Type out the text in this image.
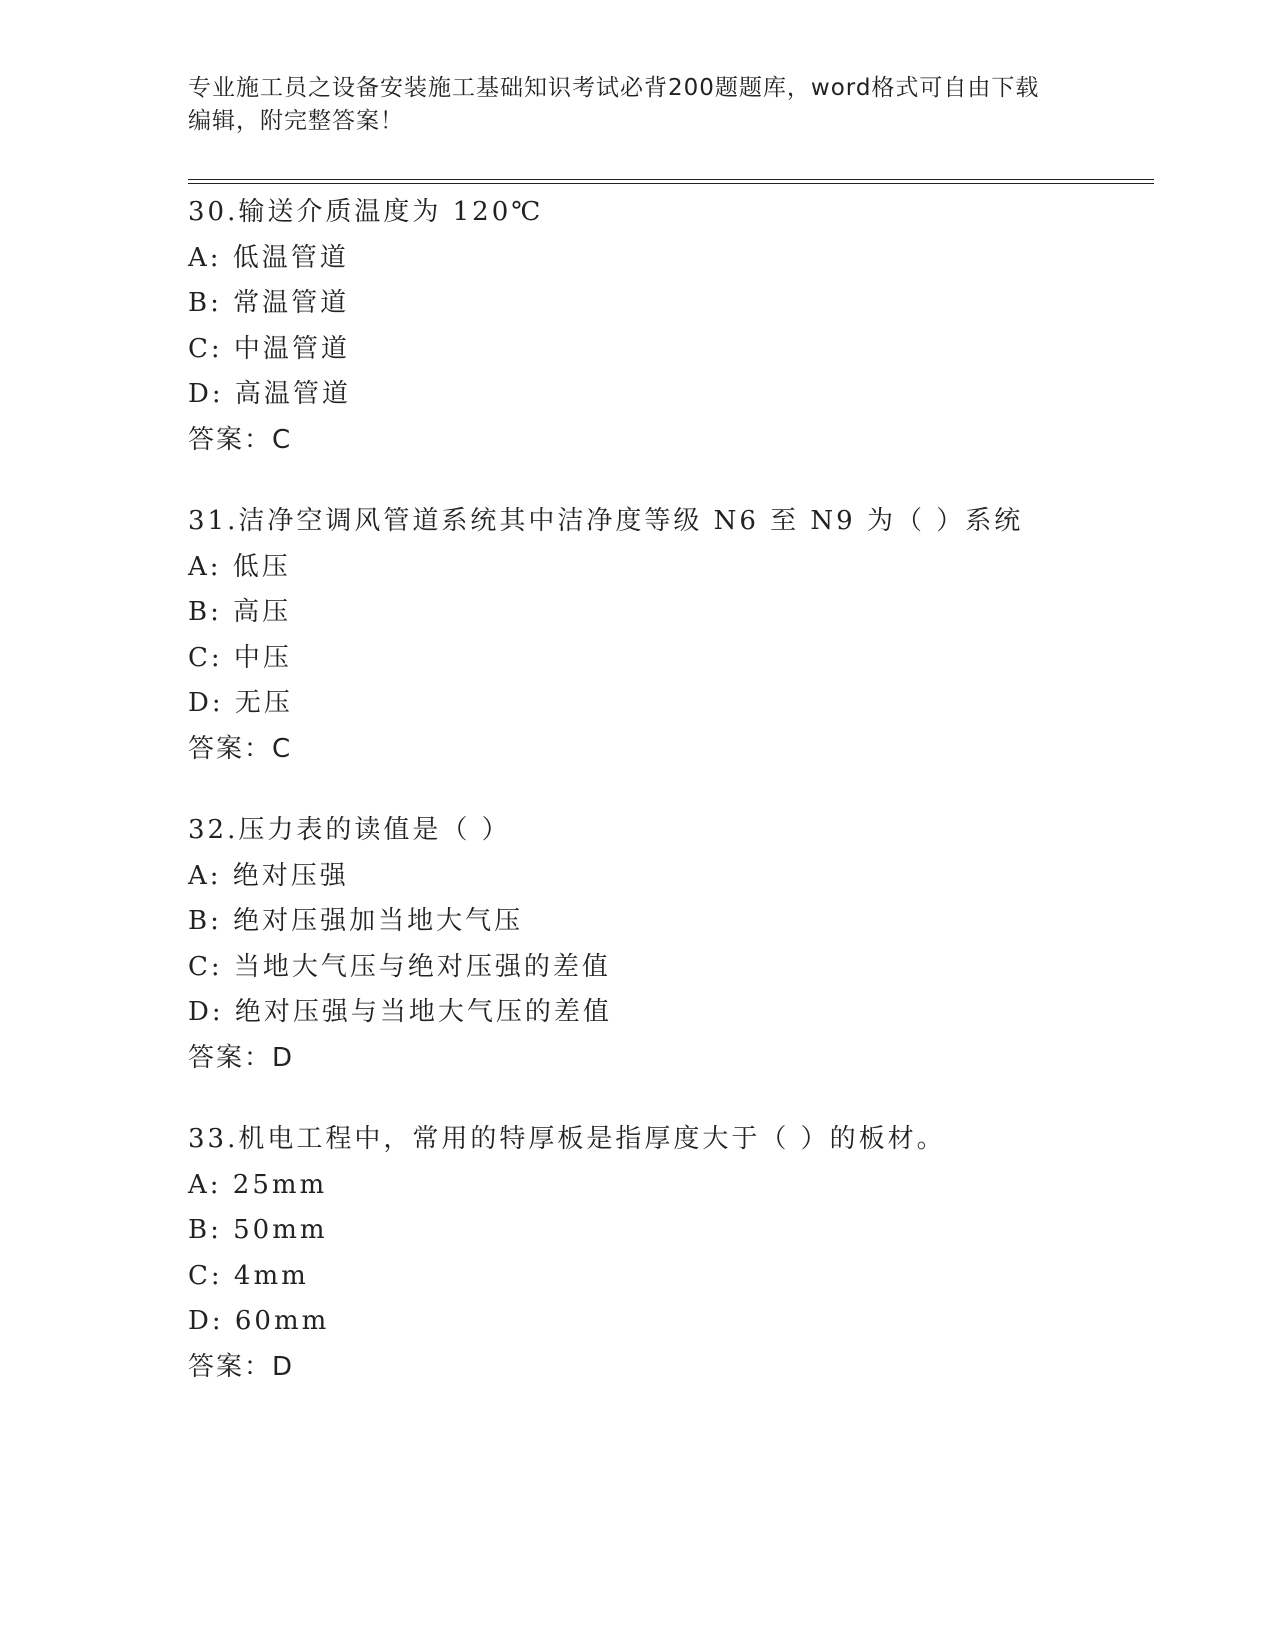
专业施工员之设备安装施工基础知识考试必背200题题库，word格式可自由下载
编辑，附完整答案！
30.输送介质温度为 120℃
A: 低温管道
B: 常温管道
C: 中温管道
D: 高温管道
答案：C
31.洁净空调风管道系统其中洁净度等级 N6 至 N9 为（ ）系统
A: 低压
B: 高压
C: 中压
D: 无压
答案：C
32.压力表的读值是（ ）
A: 绝对压强
B: 绝对压强加当地大气压
C: 当地大气压与绝对压强的差值
D: 绝对压强与当地大气压的差值
答案：D
33.机电工程中，常用的特厚板是指厚度大于（ ）的板材。
A: 25mm
B: 50mm
C: 4mm
D: 60mm
答案：D
